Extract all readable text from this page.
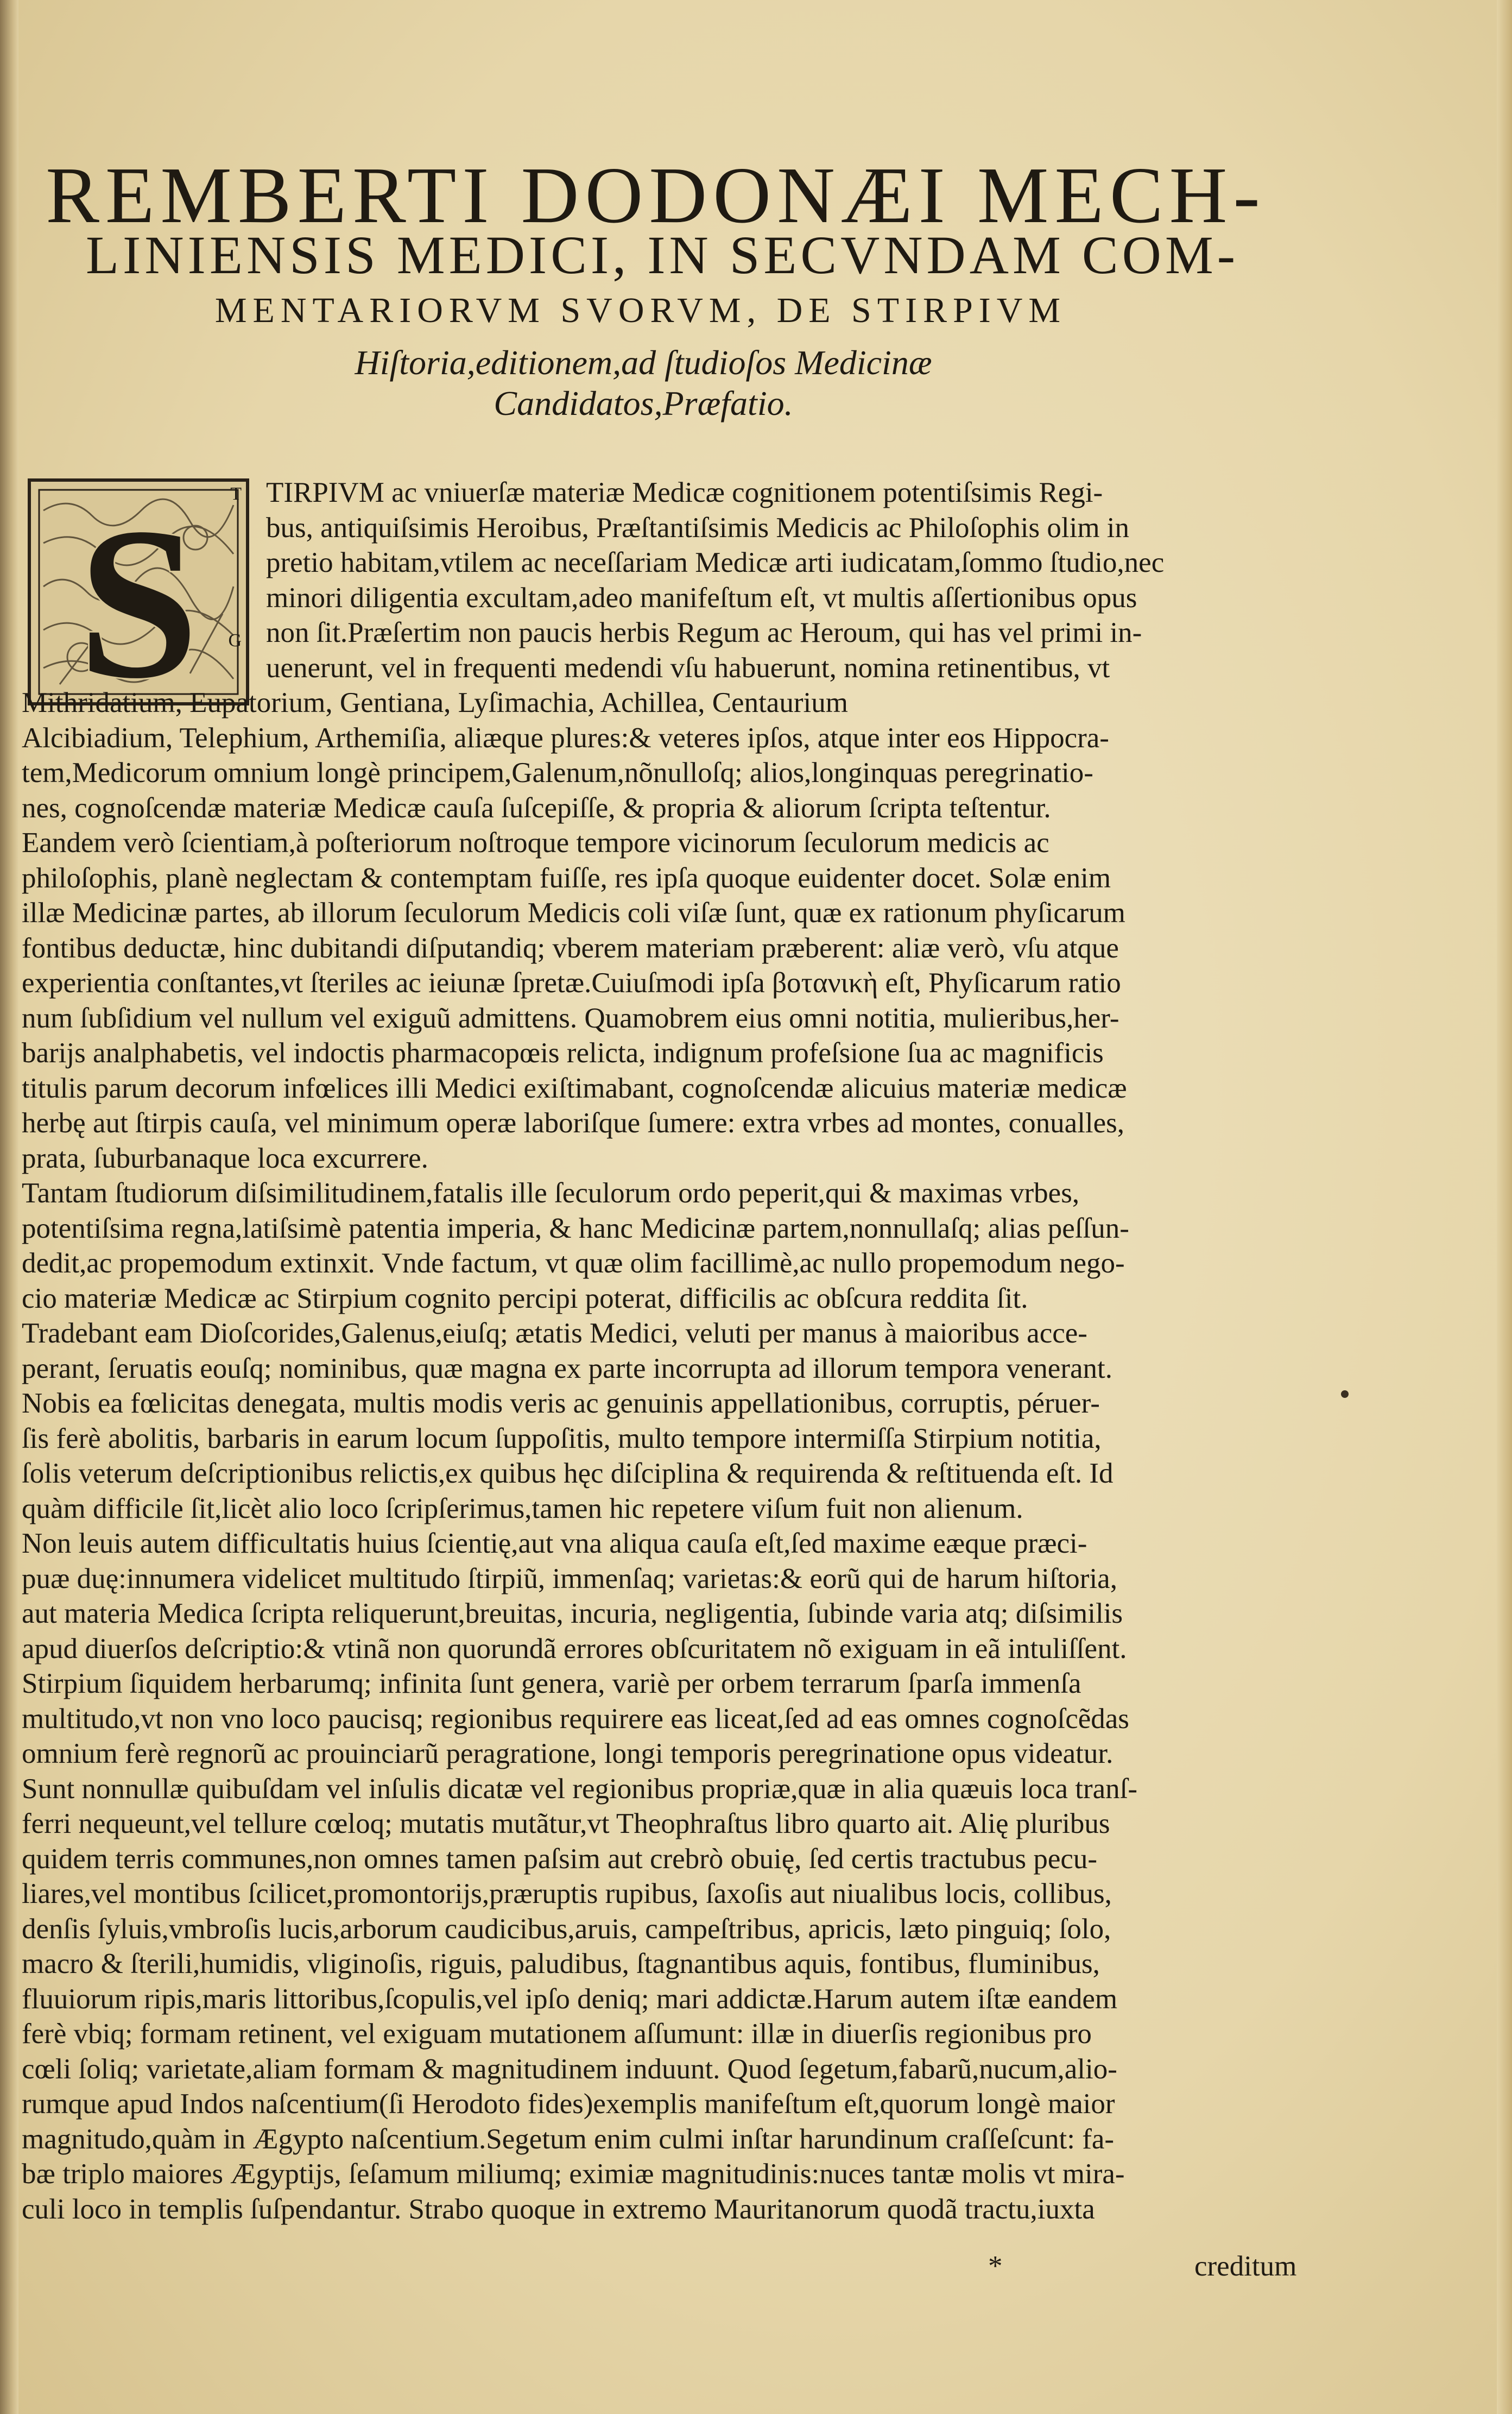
REMBERTI DODONÆI MECH-
LINIENSIS MEDICI, IN SECVNDAM COM-
MENTARIORVM SVORVM, DE STIRPIVM
Hiſtoria,editionem,ad ſtudioſos Medicinæ
Candidatos,Præfatio.
S T
G
TIRPIVM ac vniuerſæ materiæ Medicæ cognitionem potentiſsimis Regi-
bus, antiquiſsimis Heroibus, Præſtantiſsimis Medicis ac Philoſophis olim in
pretio habitam,vtilem ac neceſſariam Medicæ arti iudicatam,ſommo ſtudio,nec
minori diligentia excultam,adeo manifeſtum eſt, vt multis aſſertionibus opus
non ſit.Præſertim non paucis herbis Regum ac Heroum, qui has vel primi in-
uenerunt, vel in frequenti medendi vſu habuerunt, nomina retinentibus, vt
Mithridatium, Eupatorium, Gentiana, Lyſimachia, Achillea, Centaurium
Alcibiadium, Telephium, Arthemiſia, aliæque plures:& veteres ipſos, atque inter eos Hippocra-
tem,Medicorum omnium longè principem,Galenum,nõnulloſq; alios,longinquas peregrinatio-
nes, cognoſcendæ materiæ Medicæ cauſa ſuſcepiſſe, & propria & aliorum ſcripta teſtentur.
Eandem verò ſcientiam,à poſteriorum noſtroque tempore vicinorum ſeculorum medicis ac
philoſophis, planè neglectam & contemptam fuiſſe, res ipſa quoque euidenter docet. Solæ enim
illæ Medicinæ partes, ab illorum ſeculorum Medicis coli viſæ ſunt, quæ ex rationum phyſicarum
fontibus deductæ, hinc dubitandi diſputandiq; vberem materiam præberent: aliæ verò, vſu atque
experientia conſtantes,vt ſteriles ac ieiunæ ſpretæ.Cuiuſmodi ipſa βοτανικὴ eſt, Phyſicarum ratio
num ſubſidium vel nullum vel exiguũ admittens. Quamobrem eius omni notitia, mulieribus,her-
barijs analphabetis, vel indoctis pharmacopœis relicta, indignum profeſsione ſua ac magnificis
titulis parum decorum infœlices illi Medici exiſtimabant, cognoſcendæ alicuius materiæ medicæ
herbę aut ſtirpis cauſa, vel minimum operæ laboriſque ſumere: extra vrbes ad montes, conualles,
prata, ſuburbanaque loca excurrere.
Tantam ſtudiorum diſsimilitudinem,fatalis ille ſeculorum ordo peperit,qui & maximas vrbes,
potentiſsima regna,latiſsimè patentia imperia, & hanc Medicinæ partem,nonnullaſq; alias peſſun-
dedit,ac propemodum extinxit. Vnde factum, vt quæ olim facillimè,ac nullo propemodum nego-
cio materiæ Medicæ ac Stirpium cognito percipi poterat, difficilis ac obſcura reddita ſit.
Tradebant eam Dioſcorides,Galenus,eiuſq; ætatis Medici, veluti per manus à maioribus acce-
perant, ſeruatis eouſq; nominibus, quæ magna ex parte incorrupta ad illorum tempora venerant.
Nobis ea fœlicitas denegata, multis modis veris ac genuinis appellationibus, corruptis, péruer-
ſis ferè abolitis, barbaris in earum locum ſuppoſitis, multo tempore intermiſſa Stirpium notitia,
ſolis veterum deſcriptionibus relictis,ex quibus hęc diſciplina & requirenda & reſtituenda eſt. Id
quàm difficile ſit,licèt alio loco ſcripſerimus,tamen hic repetere viſum fuit non alienum.
Non leuis autem difficultatis huius ſcientię,aut vna aliqua cauſa eſt,ſed maxime eæque præci-
puæ duę:innumera videlicet multitudo ſtirpiũ, immenſaq; varietas:& eorũ qui de harum hiſtoria,
aut materia Medica ſcripta reliquerunt,breuitas, incuria, negligentia, ſubinde varia atq; diſsimilis
apud diuerſos deſcriptio:& vtinã non quorundã errores obſcuritatem nõ exiguam in eã intuliſſent.
Stirpium ſiquidem herbarumq; infinita ſunt genera, variè per orbem terrarum ſparſa immenſa
multitudo,vt non vno loco paucisq; regionibus requirere eas liceat,ſed ad eas omnes cognoſcẽdas
omnium ferè regnorũ ac prouinciarũ peragratione, longi temporis peregrinatione opus videatur.
Sunt nonnullæ quibuſdam vel inſulis dicatæ vel regionibus propriæ,quæ in alia quæuis loca tranſ-
ferri nequeunt,vel tellure cœloq; mutatis mutãtur,vt Theophraſtus libro quarto ait. Alię pluribus
quidem terris communes,non omnes tamen paſsim aut crebrò obuię, ſed certis tractubus pecu-
liares,vel montibus ſcilicet,promontorijs,præruptis rupibus, ſaxoſis aut niualibus locis, collibus,
denſis ſyluis,vmbroſis lucis,arborum caudicibus,aruis, campeſtribus, apricis, læto pinguiq; ſolo,
macro & ſterili,humidis, vliginoſis, riguis, paludibus, ſtagnantibus aquis, fontibus, fluminibus,
fluuiorum ripis,maris littoribus,ſcopulis,vel ipſo deniq; mari addictæ.Harum autem iſtæ eandem
ferè vbiq; formam retinent, vel exiguam mutationem aſſumunt: illæ in diuerſis regionibus pro
cœli ſoliq; varietate,aliam formam & magnitudinem induunt. Quod ſegetum,fabarũ,nucum,alio-
rumque apud Indos naſcentium(ſi Herodoto fides)exemplis manifeſtum eſt,quorum longè maior
magnitudo,quàm in Ægypto naſcentium.Segetum enim culmi inſtar harundinum craſſeſcunt: fa-
bæ triplo maiores Ægyptijs, ſeſamum miliumq; eximiæ magnitudinis:nuces tantæ molis vt mira-
culi loco in templis ſuſpendantur. Strabo quoque in extremo Mauritanorum quodã tractu,iuxta
*	creditum
